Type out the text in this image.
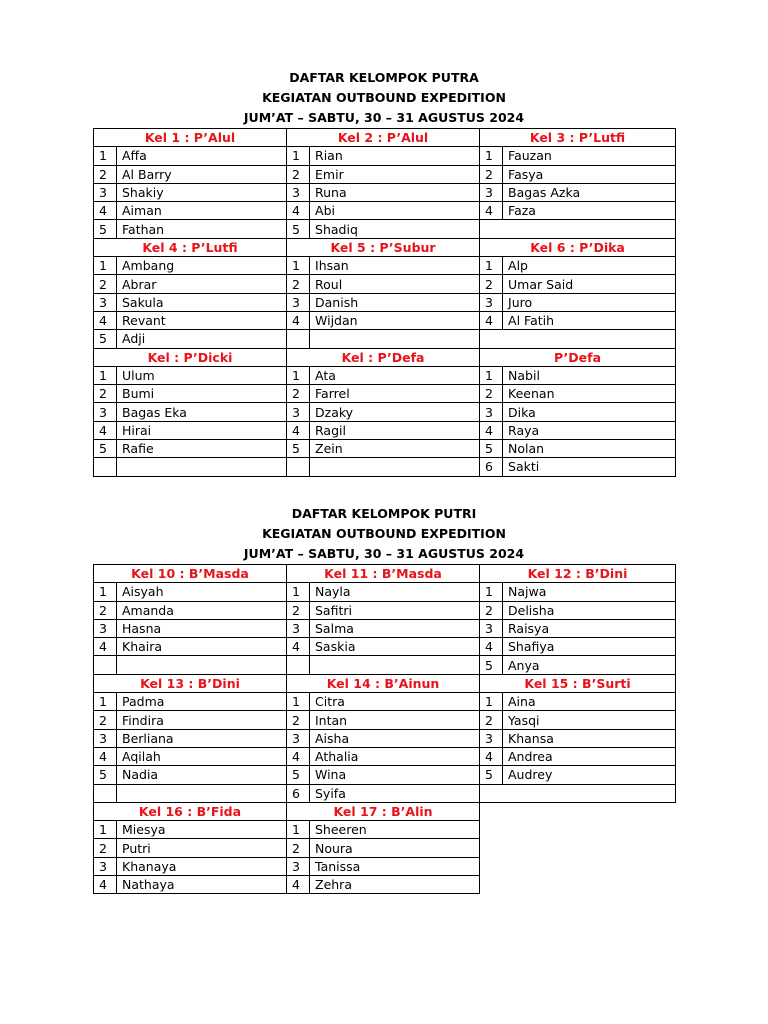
DAFTAR KELOMPOK PUTRA
KEGIATAN OUTBOUND EXPEDITION
JUM’AT – SABTU, 30 – 31 AGUSTUS 2024
Kel 1 : P’Alul		Kel 2 : P’Alul		Kel 3 : P’Lutfi	
1	Affa	1	Rian	1	Fauzan
2	Al Barry	2	Emir	2	Fasya
3	Shakiy	3	Runa	3	Bagas Azka
4	Aiman	4	Abi	4	Faza
5	Fathan	5	Shadiq		
Kel 4 : P’Lutfi		Kel 5 : P’Subur		Kel 6 : P’Dika	
1	Ambang	1	Ihsan	1	Alp
2	Abrar	2	Roul	2	Umar Said
3	Sakula	3	Danish	3	Juro
4	Revant	4	Wijdan	4	Al Fatih
5	Adji				
Kel : P’Dicki		Kel : P’Defa		P’Defa	
1	Ulum	1	Ata	1	Nabil
2	Bumi	2	Farrel	2	Keenan
3	Bagas Eka	3	Dzaky	3	Dika
4	Hirai	4	Ragil	4	Raya
5	Rafie	5	Zein	5	Nolan
				6	Sakti
DAFTAR KELOMPOK PUTRI
KEGIATAN OUTBOUND EXPEDITION
JUM’AT – SABTU, 30 – 31 AGUSTUS 2024
Kel 10 : B’Masda		Kel 11 : B’Masda		Kel 12 : B’Dini	
1	Aisyah	1	Nayla	1	Najwa
2	Amanda	2	Safitri	2	Delisha
3	Hasna	3	Salma	3	Raisya
4	Khaira	4	Saskia	4	Shafiya
				5	Anya
Kel 13 : B’Dini		Kel 14 : B’Ainun		Kel 15 : B’Surti	
1	Padma	1	Citra	1	Aina
2	Findira	2	Intan	2	Yasqi
3	Berliana	3	Aisha	3	Khansa
4	Aqilah	4	Athalia	4	Andrea
5	Nadia	5	Wina	5	Audrey
		6	Syifa		
Kel 16 : B’Fida		Kel 17 : B’Alin			
1	Miesya	1	Sheeren		
2	Putri	2	Noura		
3	Khanaya	3	Tanissa		
4	Nathaya	4	Zehra		
